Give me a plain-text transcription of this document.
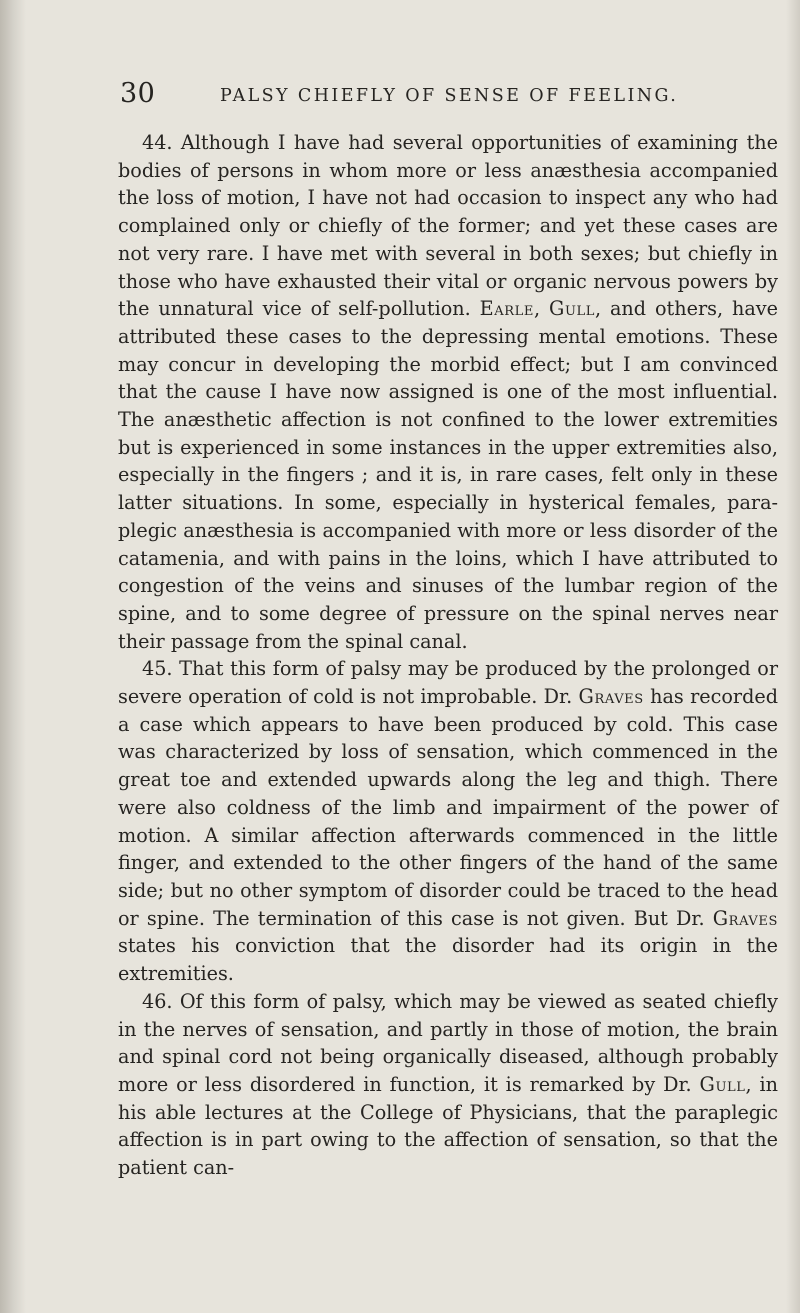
30	PALSY CHIEFLY OF SENSE OF FEELING.

44. Although I have had several opportunities of examining the bodies of persons in whom more or less anæsthesia accompanied the loss of motion, I have not had occasion to inspect any who had complained only or chiefly of the former; and yet these cases are not very rare. I have met with several in both sexes; but chiefly in those who have exhausted their vital or organic nervous powers by the unnatural vice of self-pollution. Earle, Gull, and others, have attributed these cases to the depressing mental emotions. These may concur in developing the morbid effect; but I am convinced that the cause I have now assigned is one of the most influential. The anæsthetic affection is not confined to the lower extremities but is experienced in some instances in the upper extremities also, especially in the fingers ; and it is, in rare cases, felt only in these latter situations. In some, especially in hysterical females, paraplegic anæsthesia is accompanied with more or less disorder of the catamenia, and with pains in the loins, which I have attributed to congestion of the veins and sinuses of the lumbar region of the spine, and to some degree of pressure on the spinal nerves near their passage from the spinal canal.

45. That this form of palsy may be produced by the prolonged or severe operation of cold is not improbable. Dr. Graves has recorded a case which appears to have been produced by cold. This case was characterized by loss of sensation, which commenced in the great toe and extended upwards along the leg and thigh. There were also coldness of the limb and impairment of the power of motion. A similar affection afterwards commenced in the little finger, and extended to the other fingers of the hand of the same side; but no other symptom of disorder could be traced to the head or spine. The termination of this case is not given. But Dr. Graves states his conviction that the disorder had its origin in the extremities.

46. Of this form of palsy, which may be viewed as seated chiefly in the nerves of sensation, and partly in those of motion, the brain and spinal cord not being organically diseased, although probably more or less disordered in function, it is remarked by Dr. Gull, in his able lectures at the College of Physicians, that the paraplegic affection is in part owing to the affection of sensation, so that the patient can-
